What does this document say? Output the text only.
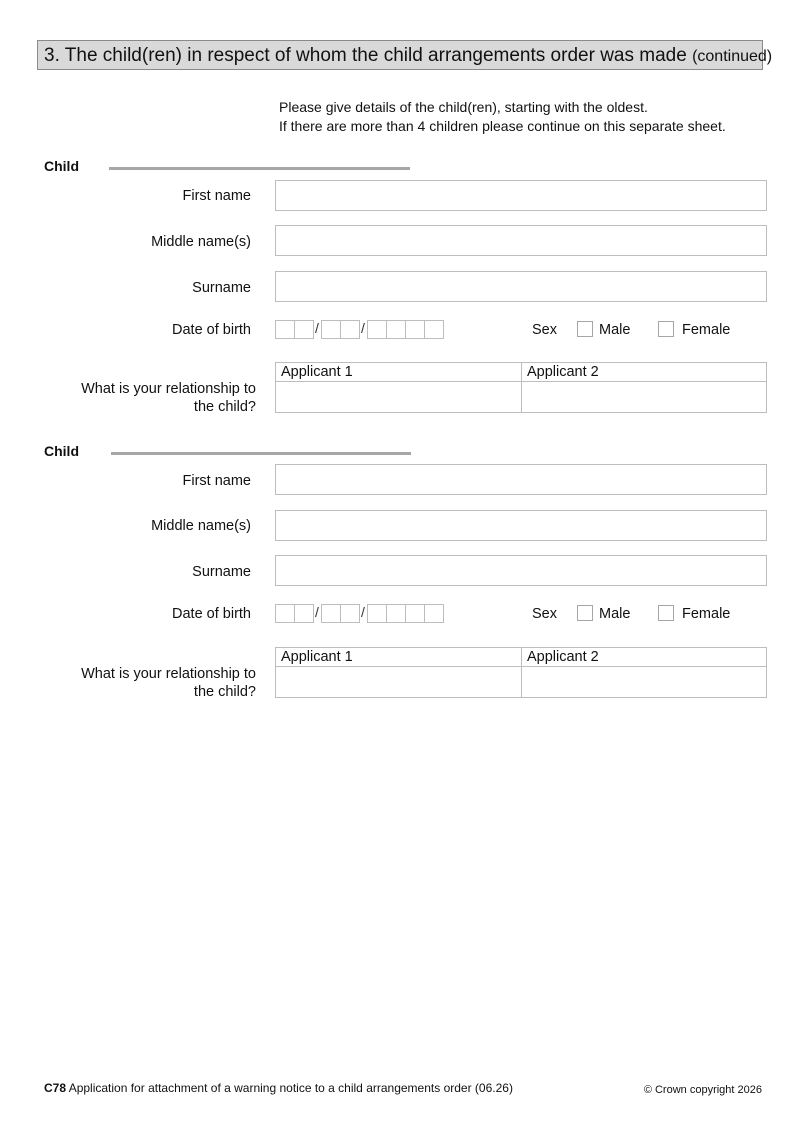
3. The child(ren) in respect of whom the child arrangements order was made (continued)
Please give details of the child(ren), starting with the oldest.
If there are more than 4 children please continue on this separate sheet.
Child
First name
Middle name(s)
Surname
Date of birth	/	/	Sex	Male	Female
What is your relationship to
the child?
Applicant 1	Applicant 2
Child
First name
Middle name(s)
Surname
Date of birth	/	/	Sex	Male	Female
What is your relationship to
the child?
Applicant 1	Applicant 2
C78 Application for attachment of a warning notice to a child arrangements order (06.26)	© Crown copyright 2026
